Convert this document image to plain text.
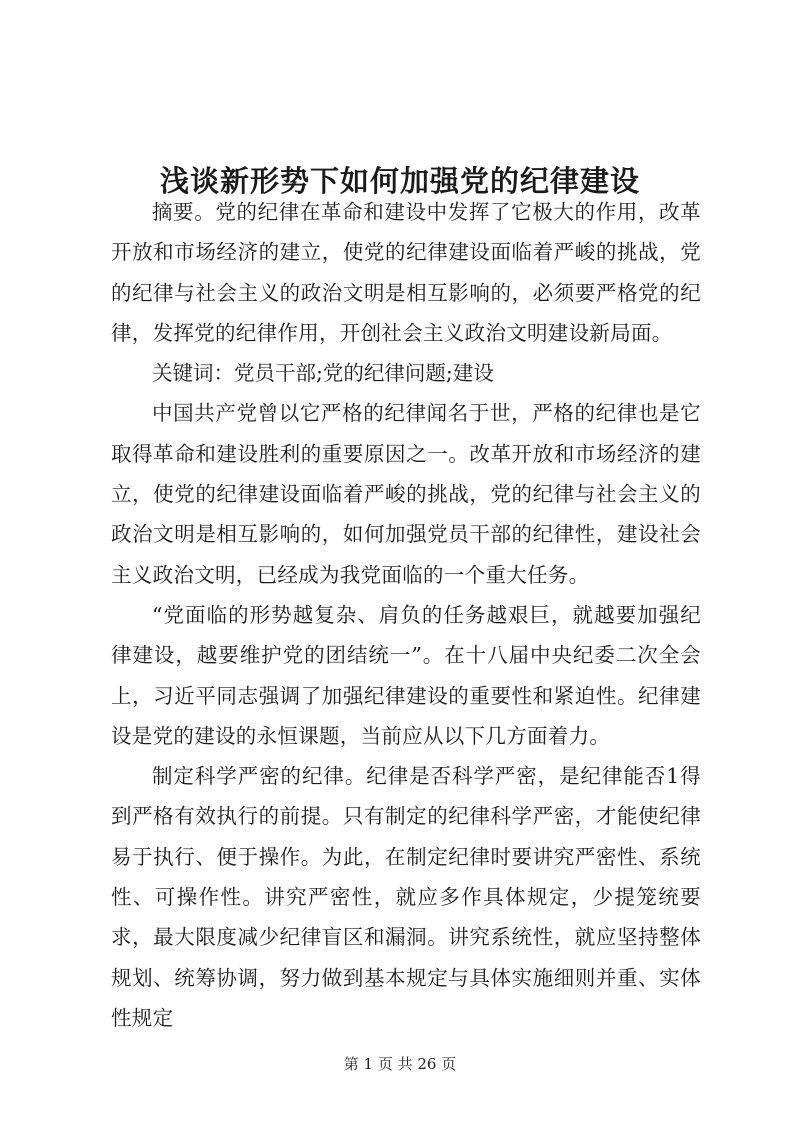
浅谈新形势下如何加强党的纪律建设

摘要。党的纪律在革命和建设中发挥了它极大的作用，改革开放和市场经济的建立，使党的纪律建设面临着严峻的挑战，党的纪律与社会主义的政治文明是相互影响的，必须要严格党的纪律，发挥党的纪律作用，开创社会主义政治文明建设新局面。

关键词：党员干部;党的纪律问题;建设

中国共产党曾以它严格的纪律闻名于世，严格的纪律也是它取得革命和建设胜利的重要原因之一。改革开放和市场经济的建立，使党的纪律建设面临着严峻的挑战，党的纪律与社会主义的政治文明是相互影响的，如何加强党员干部的纪律性，建设社会主义政治文明，已经成为我党面临的一个重大任务。

“党面临的形势越复杂、肩负的任务越艰巨，就越要加强纪律建设，越要维护党的团结统一”。在十八届中央纪委二次全会上，习近平同志强调了加强纪律建设的重要性和紧迫性。纪律建设是党的建设的永恒课题，当前应从以下几方面着力。

制定科学严密的纪律。纪律是否科学严密，是纪律能否1得到严格有效执行的前提。只有制定的纪律科学严密，才能使纪律易于执行、便于操作。为此，在制定纪律时要讲究严密性、系统性、可操作性。讲究严密性，就应多作具体规定，少提笼统要求，最大限度减少纪律盲区和漏洞。讲究系统性，就应坚持整体规划、统筹协调，努力做到基本规定与具体实施细则并重、实体性规定

第 1 页 共 26 页
